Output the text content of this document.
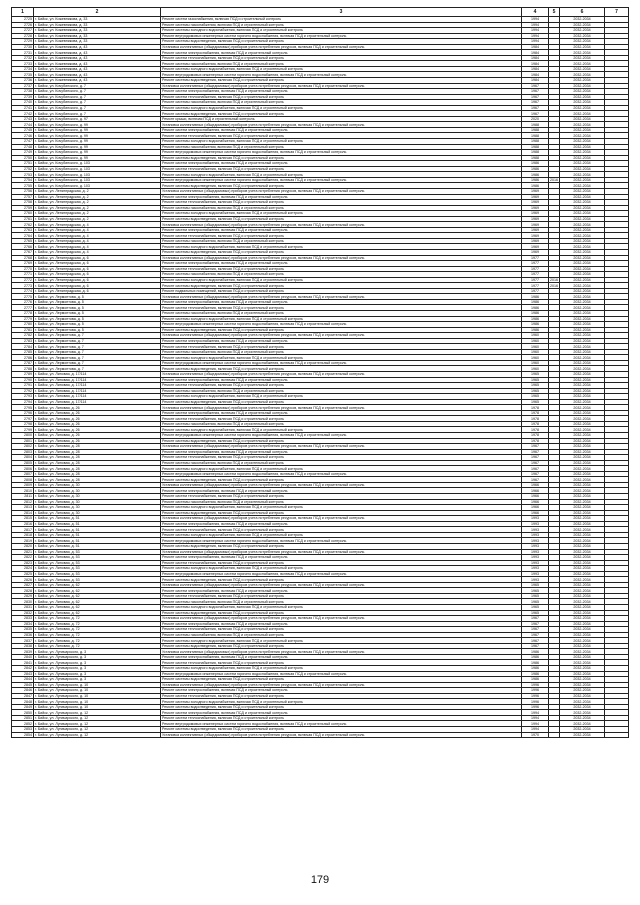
1	2	3	4	5	6	7
2725	г. Бийск, ул. Кожевникова, д. 33	Ремонт систем газоснабжения, включая ПСД и строительный контроль	1994		2032-2034	
2726	г. Бийск, ул. Кожевникова, д. 33	Ремонт системы газоснабжения, включая ПСД и строительный контроль	1994		2032-2034	
2727	г. Бийск, ул. Кожевникова, д. 33	Ремонт системы холодного водоснабжения, включая ПСД и строительный контроль	1994		2032-2034	
2728	г. Бийск, ул. Кожевникова, д. 33	Ремонт внутридомовых инженерных систем горячего водоснабжения, включая ПСД и строительный контроль	1994		2032-2034	
2729	г. Бийск, ул. Кожевникова, д. 33	Ремонт системы водоотведения, включая ПСД и строительный контроль	1994		2032-2034	
2730	г. Бийск, ул. Кожевникова, д. 43	Установка коллективных (общедомовых) приборов учета потребления ресурсов, включая ПСД и строительный контроль	1984		2032-2034	
2731	г. Бийск, ул. Кожевникова, д. 43	Ремонт систем электроснабжения, включая ПСД и строительный контроль	1984		2032-2034	
2732	г. Бийск, ул. Кожевникова, д. 43	Ремонт систем теплоснабжения, включая ПСД и строительный контроль	1984		2032-2034	
2733	г. Бийск, ул. Кожевникова, д. 43	Ремонт системы газоснабжения, включая ПСД и строительный контроль	1984		2032-2034	
2734	г. Бийск, ул. Кожевникова, д. 43	Ремонт системы холодного водоснабжения, включая ПСД и строительный контроль	1984		2032-2034	
2735	г. Бийск, ул. Кожевникова, д. 43	Ремонт внутридомовых инженерных систем горячего водоснабжения, включая ПСД и строительный контроль	1984		2032-2034	
2736	г. Бийск, ул. Кожевникова, д. 43	Ремонт системы водоотведения, включая ПСД и строительный контроль	1984		2032-2034	
2737	г. Бийск, ул. Кочубинского, д. 7	Установка коллективных (общедомовых) приборов учета потребления ресурсов, включая ПСД и строительный контроль	1967		2032-2034	
2738	г. Бийск, ул. Кочубинского, д. 7	Ремонт систем электроснабжения, включая ПСД и строительный контроль	1967		2032-2034	
2739	г. Бийск, ул. Кочубинского, д. 7	Ремонт систем теплоснабжения, включая ПСД и строительный контроль	1967		2032-2034	
2740	г. Бийск, ул. Кочубинского, д. 7	Ремонт системы газоснабжения, включая ПСД и строительный контроль	1967		2032-2034	
2741	г. Бийск, ул. Кочубинского, д. 7	Ремонт системы холодного водоснабжения, включая ПСД и строительный контроль	1967		2032-2034	
2742	г. Бийск, ул. Кочубинского, д. 7	Ремонт системы водоотведения, включая ПСД и строительный контроль	1967		2032-2034	
2743	г. Бийск, ул. Кочубинского, д. 97	Ремонт крыши, включая ПСД и строительный контроль	2020		2032-2034	
2744	г. Бийск, ул. Кочубинского, д. 99	Установка коллективных (общедомовых) приборов учета потребления ресурсов, включая ПСД и строительный контроль	1988		2032-2034	
2745	г. Бийск, ул. Кочубинского, д. 99	Ремонт систем электроснабжения, включая ПСД и строительный контроль	1988		2032-2034	
2746	г. Бийск, ул. Кочубинского, д. 99	Ремонт систем теплоснабжения, включая ПСД и строительный контроль	1988		2032-2034	
2747	г. Бийск, ул. Кочубинского, д. 99	Ремонт системы холодного водоснабжения, включая ПСД и строительный контроль	1988		2032-2034	
2748	г. Бийск, ул. Кочубинского, д. 99	Ремонт системы газоснабжения, включая ПСД и строительный контроль	1988		2032-2034	
2749	г. Бийск, ул. Кочубинского, д. 99	Ремонт внутридомовых инженерных систем горячего водоснабжения, включая ПСД и строительный контроль	1988		2032-2034	
2750	г. Бийск, ул. Кочубинского, д. 99	Ремонт системы водоотведения, включая ПСД и строительный контроль	1988		2032-2034	
2751	г. Бийск, ул. Кочубинского, д. 103	Ремонт систем электроснабжения, включая ПСД и строительный контроль	1986		2032-2034	
2752	г. Бийск, ул. Кочубинского, д. 103	Ремонт систем теплоснабжения, включая ПСД и строительный контроль	1986		2032-2034	
2753	г. Бийск, ул. Кочубинского, д. 103	Ремонт системы холодного водоснабжения, включая ПСД и строительный контроль	1986		2032-2034	
2754	г. Бийск, ул. Кочубинского, д. 103	Ремонт внутридомовых инженерных систем горячего водоснабжения, включая ПСД и строительный контроль	1986	2016	2032-2034	
2755	г. Бийск, ул. Кочубинского, д. 103	Ремонт системы водоотведения, включая ПСД и строительный контроль	1986		2032-2034	
2756	г. Бийск, ул. Ленинградская, д. 2	Установка коллективных (общедомовых) приборов учета потребления ресурсов, включая ПСД и строительный контроль	1969		2032-2034	
2757	г. Бийск, ул. Ленинградская, д. 2	Ремонт систем электроснабжения, включая ПСД и строительный контроль	1969		2032-2034	
2758	г. Бийск, ул. Ленинградская, д. 2	Ремонт систем теплоснабжения, включая ПСД и строительный контроль	1969		2032-2034	
2759	г. Бийск, ул. Ленинградская, д. 2	Ремонт системы газоснабжения, включая ПСД и строительный контроль	1969		2032-2034	
2760	г. Бийск, ул. Ленинградская, д. 2	Ремонт системы холодного водоснабжения, включая ПСД и строительный контроль	1969		2032-2034	
2761	г. Бийск, ул. Ленинградская, д. 2	Ремонт системы водоотведения, включая ПСД и строительный контроль	1969		2032-2034	
2762	г. Бийск, ул. Ленинградская, д. 4	Установка коллективных (общедомовых) приборов учета потребления ресурсов, включая ПСД и строительный контроль	1969		2032-2034	
2763	г. Бийск, ул. Ленинградская, д. 4	Ремонт систем электроснабжения, включая ПСД и строительный контроль	1969		2032-2034	
2764	г. Бийск, ул. Ленинградская, д. 4	Ремонт систем теплоснабжения, включая ПСД и строительный контроль	1969		2032-2034	
2765	г. Бийск, ул. Ленинградская, д. 4	Ремонт системы газоснабжения, включая ПСД и строительный контроль	1969		2032-2034	
2766	г. Бийск, ул. Ленинградская, д. 4	Ремонт системы холодного водоснабжения, включая ПСД и строительный контроль	1969		2032-2034	
2767	г. Бийск, ул. Ленинградская, д. 4	Ремонт системы водоотведения, включая ПСД и строительный контроль	1969		2032-2034	
2768	г. Бийск, ул. Ленинградская, д. 6	Установка коллективных (общедомовых) приборов учета потребления ресурсов, включая ПСД и строительный контроль	1977		2032-2034	
2769	г. Бийск, ул. Ленинградская, д. 6	Ремонт систем электроснабжения, включая ПСД и строительный контроль	1977		2032-2034	
2770	г. Бийск, ул. Ленинградская, д. 6	Ремонт систем теплоснабжения, включая ПСД и строительный контроль	1977		2032-2034	
2771	г. Бийск, ул. Ленинградская, д. 6	Ремонт системы газоснабжения, включая ПСД и строительный контроль	1977		2032-2034	
2772	г. Бийск, ул. Ленинградская, д. 6	Ремонт системы холодного водоснабжения, включая ПСД и строительный контроль	1977	2016	2032-2034	
2773	г. Бийск, ул. Ленинградская, д. 6	Ремонт системы водоотведения, включая ПСД и строительный контроль	1977	2016	2032-2034	
2774	г. Бийск, ул. Ленинградская, д. 6	Ремонт подвальных помещений, включая ПСД и строительный контроль	1977		2032-2034	
2775	г. Бийск, ул. Лермонтова, д. 5	Установка коллективных (общедомовых) приборов учета потребления ресурсов, включая ПСД и строительный контроль	1986		2032-2034	
2776	г. Бийск, ул. Лермонтова, д. 5	Ремонт систем электроснабжения, включая ПСД и строительный контроль	1986		2032-2034	
2777	г. Бийск, ул. Лермонтова, д. 5	Ремонт систем теплоснабжения, включая ПСД и строительный контроль	1986		2032-2034	
2778	г. Бийск, ул. Лермонтова, д. 5	Ремонт системы газоснабжения, включая ПСД и строительный контроль	1986		2032-2034	
2779	г. Бийск, ул. Лермонтова, д. 5	Ремонт системы холодного водоснабжения, включая ПСД и строительный контроль	1986		2032-2034	
2780	г. Бийск, ул. Лермонтова, д. 5	Ремонт внутридомовых инженерных систем горячего водоснабжения, включая ПСД и строительный контроль	1986		2032-2034	
2781	г. Бийск, ул. Лермонтова, д. 5	Ремонт системы водоотведения, включая ПСД и строительный контроль	1986		2032-2034	
2782	г. Бийск, ул. Лермонтова, д. 7	Установка коллективных (общедомовых) приборов учета потребления ресурсов, включая ПСД и строительный контроль	1960		2032-2034	
2783	г. Бийск, ул. Лермонтова, д. 7	Ремонт систем электроснабжения, включая ПСД и строительный контроль	1960		2032-2034	
2784	г. Бийск, ул. Лермонтова, д. 7	Ремонт систем теплоснабжения, включая ПСД и строительный контроль	1960		2032-2034	
2785	г. Бийск, ул. Лермонтова, д. 7	Ремонт системы газоснабжения, включая ПСД и строительный контроль	1960		2032-2034	
2786	г. Бийск, ул. Лермонтова, д. 7	Ремонт системы холодного водоснабжения, включая ПСД и строительный контроль	1960		2032-2034	
2787	г. Бийск, ул. Лермонтова, д. 7	Ремонт внутридомовых инженерных систем горячего водоснабжения, включая ПСД и строительный контроль	1960		2032-2034	
2788	г. Бийск, ул. Лермонтова, д. 7	Ремонт системы водоотведения, включая ПСД и строительный контроль	1960		2032-2034	
2789	г. Бийск, ул. Липовая, д. 17/114	Установка коллективных (общедомовых) приборов учета потребления ресурсов, включая ПСД и строительный контроль	1965		2032-2034	
2790	г. Бийск, ул. Липовая, д. 17/114	Ремонт систем электроснабжения, включая ПСД и строительный контроль	1965		2032-2034	
2791	г. Бийск, ул. Липовая, д. 17/114	Ремонт систем теплоснабжения, включая ПСД и строительный контроль	1965		2032-2034	
2792	г. Бийск, ул. Липовая, д. 17/114	Ремонт системы газоснабжения, включая ПСД и строительный контроль	1965		2032-2034	
2793	г. Бийск, ул. Липовая, д. 17/114	Ремонт системы холодного водоснабжения, включая ПСД и строительный контроль	1965		2032-2034	
2794	г. Бийск, ул. Липовая, д. 17/114	Ремонт системы водоотведения, включая ПСД и строительный контроль	1965		2032-2034	
2795	г. Бийск, ул. Липовая, д. 26	Установка коллективных (общедомовых) приборов учета потребления ресурсов, включая ПСД и строительный контроль	1978		2032-2034	
2796	г. Бийск, ул. Липовая, д. 26	Ремонт систем электроснабжения, включая ПСД и строительный контроль	1978		2032-2034	
2797	г. Бийск, ул. Липовая, д. 26	Ремонт систем теплоснабжения, включая ПСД и строительный контроль	1978		2032-2034	
2798	г. Бийск, ул. Липовая, д. 26	Ремонт системы газоснабжения, включая ПСД и строительный контроль	1978		2032-2034	
2799	г. Бийск, ул. Липовая, д. 26	Ремонт системы холодного водоснабжения, включая ПСД и строительный контроль	1978		2032-2034	
2800	г. Бийск, ул. Липовая, д. 26	Ремонт внутридомовых инженерных систем горячего водоснабжения, включая ПСД и строительный контроль	1978		2032-2034	
2801	г. Бийск, ул. Липовая, д. 26	Ремонт системы водоотведения, включая ПСД и строительный контроль	1978		2032-2034	
2802	г. Бийск, ул. Липовая, д. 28	Установка коллективных (общедомовых) приборов учета потребления ресурсов, включая ПСД и строительный контроль	1967		2032-2034	
2803	г. Бийск, ул. Липовая, д. 28	Ремонт систем электроснабжения, включая ПСД и строительный контроль	1967		2032-2034	
2804	г. Бийск, ул. Липовая, д. 28	Ремонт систем теплоснабжения, включая ПСД и строительный контроль	1967		2032-2034	
2805	г. Бийск, ул. Липовая, д. 28	Ремонт системы газоснабжения, включая ПСД и строительный контроль	1967		2032-2034	
2806	г. Бийск, ул. Липовая, д. 28	Ремонт системы холодного водоснабжения, включая ПСД и строительный контроль	1967		2032-2034	
2807	г. Бийск, ул. Липовая, д. 28	Ремонт внутридомовых инженерных систем горячего водоснабжения, включая ПСД и строительный контроль	1967		2032-2034	
2808	г. Бийск, ул. Липовая, д. 28	Ремонт системы водоотведения, включая ПСД и строительный контроль	1967		2032-2034	
2809	г. Бийск, ул. Липовая, д. 30	Установка коллективных (общедомовых) приборов учета потребления ресурсов, включая ПСД и строительный контроль	1966		2032-2034	
2810	г. Бийск, ул. Липовая, д. 30	Ремонт систем электроснабжения, включая ПСД и строительный контроль	1966		2032-2034	
2811	г. Бийск, ул. Липовая, д. 30	Ремонт систем теплоснабжения, включая ПСД и строительный контроль	1966		2032-2034	
2812	г. Бийск, ул. Липовая, д. 30	Ремонт системы газоснабжения, включая ПСД и строительный контроль	1966		2032-2034	
2813	г. Бийск, ул. Липовая, д. 30	Ремонт системы холодного водоснабжения, включая ПСД и строительный контроль	1966		2032-2034	
2814	г. Бийск, ул. Липовая, д. 30	Ремонт системы водоотведения, включая ПСД и строительный контроль	1966		2032-2034	
2815	г. Бийск, ул. Липовая, д. 51	Установка коллективных (общедомовых) приборов учета потребления ресурсов, включая ПСД и строительный контроль	1993		2032-2034	
2816	г. Бийск, ул. Липовая, д. 51	Ремонт систем электроснабжения, включая ПСД и строительный контроль	1993		2032-2034	
2817	г. Бийск, ул. Липовая, д. 51	Ремонт систем теплоснабжения, включая ПСД и строительный контроль	1993		2032-2034	
2818	г. Бийск, ул. Липовая, д. 51	Ремонт системы холодного водоснабжения, включая ПСД и строительный контроль	1993		2032-2034	
2819	г. Бийск, ул. Липовая, д. 51	Ремонт внутридомовых инженерных систем горячего водоснабжения, включая ПСД и строительный контроль	1993		2032-2034	
2820	г. Бийск, ул. Липовая, д. 51	Ремонт системы водоотведения, включая ПСД и строительный контроль	1993		2032-2034	
2821	г. Бийск, ул. Липовая, д. 53	Установка коллективных (общедомовых) приборов учета потребления ресурсов, включая ПСД и строительный контроль	1993		2032-2034	
2822	г. Бийск, ул. Липовая, д. 53	Ремонт систем электроснабжения, включая ПСД и строительный контроль	1993		2032-2034	
2823	г. Бийск, ул. Липовая, д. 53	Ремонт систем теплоснабжения, включая ПСД и строительный контроль	1993		2032-2034	
2824	г. Бийск, ул. Липовая, д. 53	Ремонт системы холодного водоснабжения, включая ПСД и строительный контроль	1993		2032-2034	
2825	г. Бийск, ул. Липовая, д. 53	Ремонт внутридомовых инженерных систем горячего водоснабжения, включая ПСД и строительный контроль	1993		2032-2034	
2826	г. Бийск, ул. Липовая, д. 53	Ремонт системы водоотведения, включая ПСД и строительный контроль	1993		2032-2034	
2827	г. Бийск, ул. Липовая, д. 62	Установка коллективных (общедомовых) приборов учета потребления ресурсов, включая ПСД и строительный контроль	1965		2032-2034	
2828	г. Бийск, ул. Липовая, д. 62	Ремонт систем электроснабжения, включая ПСД и строительный контроль	1965		2032-2034	
2829	г. Бийск, ул. Липовая, д. 62	Ремонт систем теплоснабжения, включая ПСД и строительный контроль	1965		2032-2034	
2830	г. Бийск, ул. Липовая, д. 62	Ремонт системы газоснабжения, включая ПСД и строительный контроль	1965		2032-2034	
2831	г. Бийск, ул. Липовая, д. 62	Ремонт системы холодного водоснабжения, включая ПСД и строительный контроль	1965		2032-2034	
2832	г. Бийск, ул. Липовая, д. 62	Ремонт системы водоотведения, включая ПСД и строительный контроль	1965		2032-2034	
2833	г. Бийск, ул. Липовая, д. 72	Установка коллективных (общедомовых) приборов учета потребления ресурсов, включая ПСД и строительный контроль	1967		2032-2034	
2834	г. Бийск, ул. Липовая, д. 72	Ремонт систем электроснабжения, включая ПСД и строительный контроль	1967		2032-2034	
2835	г. Бийск, ул. Липовая, д. 72	Ремонт систем теплоснабжения, включая ПСД и строительный контроль	1967		2032-2034	
2836	г. Бийск, ул. Липовая, д. 72	Ремонт системы газоснабжения, включая ПСД и строительный контроль	1967		2032-2034	
2837	г. Бийск, ул. Липовая, д. 72	Ремонт системы холодного водоснабжения, включая ПСД и строительный контроль	1967		2032-2034	
2838	г. Бийск, ул. Липовая, д. 72	Ремонт системы водоотведения, включая ПСД и строительный контроль	1967		2032-2034	
2839	г. Бийск, ул. Луначарского, д. 3	Установка коллективных (общедомовых) приборов учета потребления ресурсов, включая ПСД и строительный контроль	1986		2032-2034	
2840	г. Бийск, ул. Луначарского, д. 3	Ремонт систем электроснабжения, включая ПСД и строительный контроль	1986		2032-2034	
2841	г. Бийск, ул. Луначарского, д. 3	Ремонт систем теплоснабжения, включая ПСД и строительный контроль	1986		2032-2034	
2842	г. Бийск, ул. Луначарского, д. 3	Ремонт системы холодного водоснабжения, включая ПСД и строительный контроль	1986		2032-2034	
2843	г. Бийск, ул. Луначарского, д. 3	Ремонт внутридомовых инженерных систем горячего водоснабжения, включая ПСД и строительный контроль	1986		2032-2034	
2844	г. Бийск, ул. Луначарского, д. 3	Ремонт системы водоотведения, включая ПСД и строительный контроль	1986		2032-2034	
2845	г. Бийск, ул. Луначарского, д. 10	Установка коллективных (общедомовых) приборов учета потребления ресурсов, включая ПСД и строительный контроль	1996		2032-2034	
2846	г. Бийск, ул. Луначарского, д. 10	Ремонт систем электроснабжения, включая ПСД и строительный контроль	1996		2032-2034	
2847	г. Бийск, ул. Луначарского, д. 10	Ремонт систем теплоснабжения, включая ПСД и строительный контроль	1996		2032-2034	
2848	г. Бийск, ул. Луначарского, д. 10	Ремонт системы холодного водоснабжения, включая ПСД и строительный контроль	1996		2032-2034	
2849	г. Бийск, ул. Луначарского, д. 10	Ремонт системы водоотведения, включая ПСД и строительный контроль	1996		2032-2034	
2850	г. Бийск, ул. Луначарского, д. 12	Ремонт систем электроснабжения, включая ПСД и строительный контроль	1994		2032-2034	
2851	г. Бийск, ул. Луначарского, д. 12	Ремонт систем теплоснабжения, включая ПСД и строительный контроль	1994		2032-2034	
2852	г. Бийск, ул. Луначарского, д. 12	Ремонт внутридомовых инженерных систем горячего водоснабжения, включая ПСД и строительный контроль	1994		2032-2034	
2853	г. Бийск, ул. Луначарского, д. 12	Ремонт системы водоотведения, включая ПСД и строительный контроль	1994		2032-2034	
2854	г. Бийск, ул. Луначарского, д. 12	Установка коллективных (общедомовых) приборов учета потребления ресурсов, включая ПСД и строительный контроль	1970		2032-2034	
179
